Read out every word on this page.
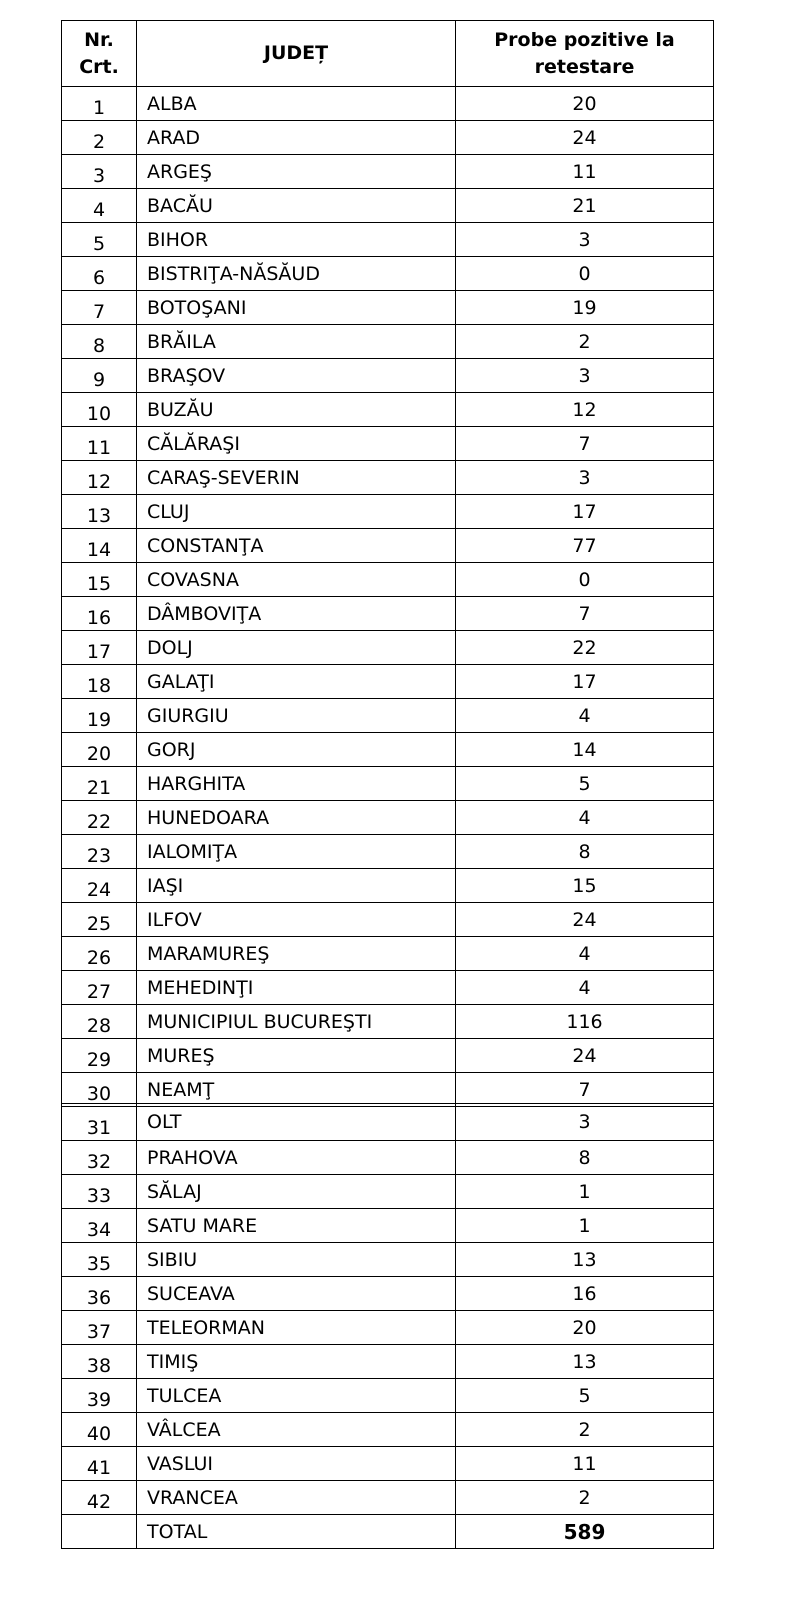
Nr.
Crt.	JUDEȚ	Probe pozitive la
retestare

1	ALBA	20
2	ARAD	24
3	ARGEŞ	11
4	BACĂU	21
5	BIHOR	3
6	BISTRIŢA-NĂSĂUD	0
7	BOTOŞANI	19
8	BRĂILA	2
9	BRAŞOV	3
10	BUZĂU	12
11	CĂLĂRAŞI	7
12	CARAŞ-SEVERIN	3
13	CLUJ	17
14	CONSTANŢA	77
15	COVASNA	0
16	DÂMBOVIŢA	7
17	DOLJ	22
18	GALAŢI	17
19	GIURGIU	4
20	GORJ	14
21	HARGHITA	5
22	HUNEDOARA	4
23	IALOMIŢA	8
24	IAŞI	15
25	ILFOV	24
26	MARAMUREŞ	4
27	MEHEDINŢI	4
28	MUNICIPIUL BUCUREŞTI	116
29	MUREŞ	24
30	NEAMŢ	7
31	OLT	3
32	PRAHOVA	8
33	SĂLAJ	1
34	SATU MARE	1
35	SIBIU	13
36	SUCEAVA	16
37	TELEORMAN	20
38	TIMIŞ	13
39	TULCEA	5
40	VÂLCEA	2
41	VASLUI	11
42	VRANCEA	2
	TOTAL	589
